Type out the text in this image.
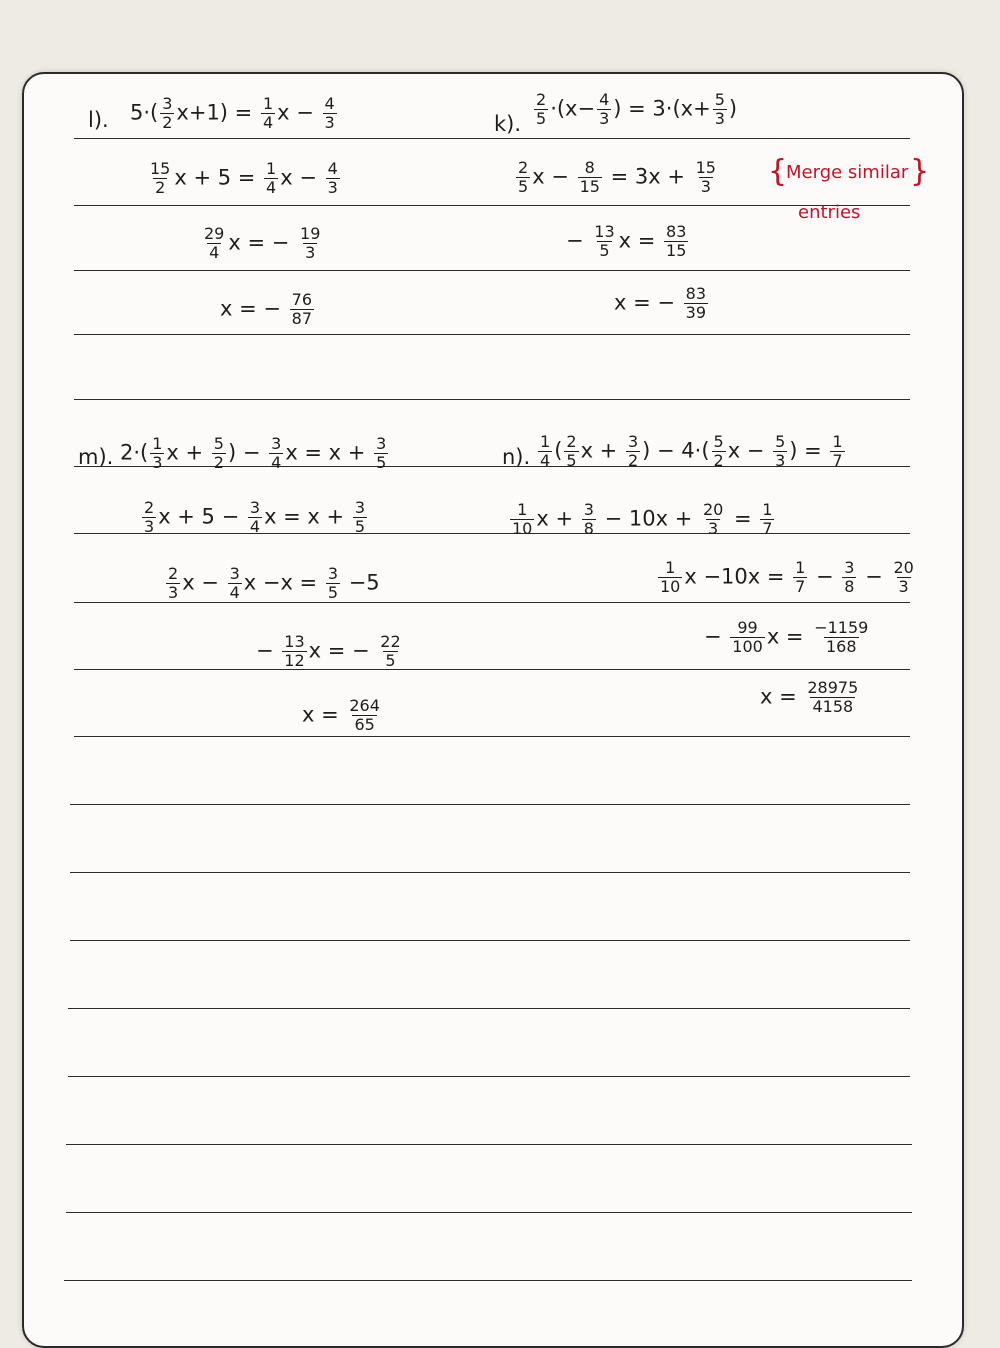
l). $5\cdot( \frac{3}{2} x+1) = \frac{1}{4}$ $x - \frac{4}{3}$
$\frac{15}{2}$ $x + 5 = \frac{1}{4}$ $x - \frac{4}{3}$
$\frac{29}{4}$ x = − $\frac{19}{3}$
x = − $\frac{76}{87}$
k). $\frac{2}{5} \cdot(x- \frac{4}{3}$ ) = $3\cdot(x+ \frac{5}{3}$ )
$\frac{2}{5}$ $x - \frac{8}{15} = 3x + \frac{15}{3}$
− $\frac{13}{5}$ $x = \frac{83}{15}$
x = − $\frac{83}{39}$
{
Merge similar }
entries
m). $2\cdot( \frac{1}{3}$ $x + \frac{5}{2}$ ) − $\frac{3}{4}$ $x = x + \frac{3}{5}$
$\frac{2}{3}$ $x + 5 - \frac{3}{4}$ $x = x + \frac{3}{5}$
$\frac{2}{3}$ $x - \frac{3}{4}$ $x -x = \frac{3}{5} -5$
− $\frac{13}{12}$ x = − $\frac{22}{5}$
$x = \frac{264}{65}$
n). $\frac{1}{4}$ ( $\frac{2}{5}$ $x + \frac{3}{2}$ ) − $4\cdot( \frac{5}{2}$ $x - \frac{5}{3}$ ) = $\frac{1}{7}$
$\frac{1}{10}$ $x + \frac{3}{8} - 10x + \frac{20}{3} = \frac{1}{7}$
$\frac{1}{10}$ $x -10x = \frac{1}{7} - \frac{3}{8} - \frac{20}{3}$
− $\frac{99}{100}$ $x = \frac{-1159}{168}$
$x = \frac{28975}{4158}$
